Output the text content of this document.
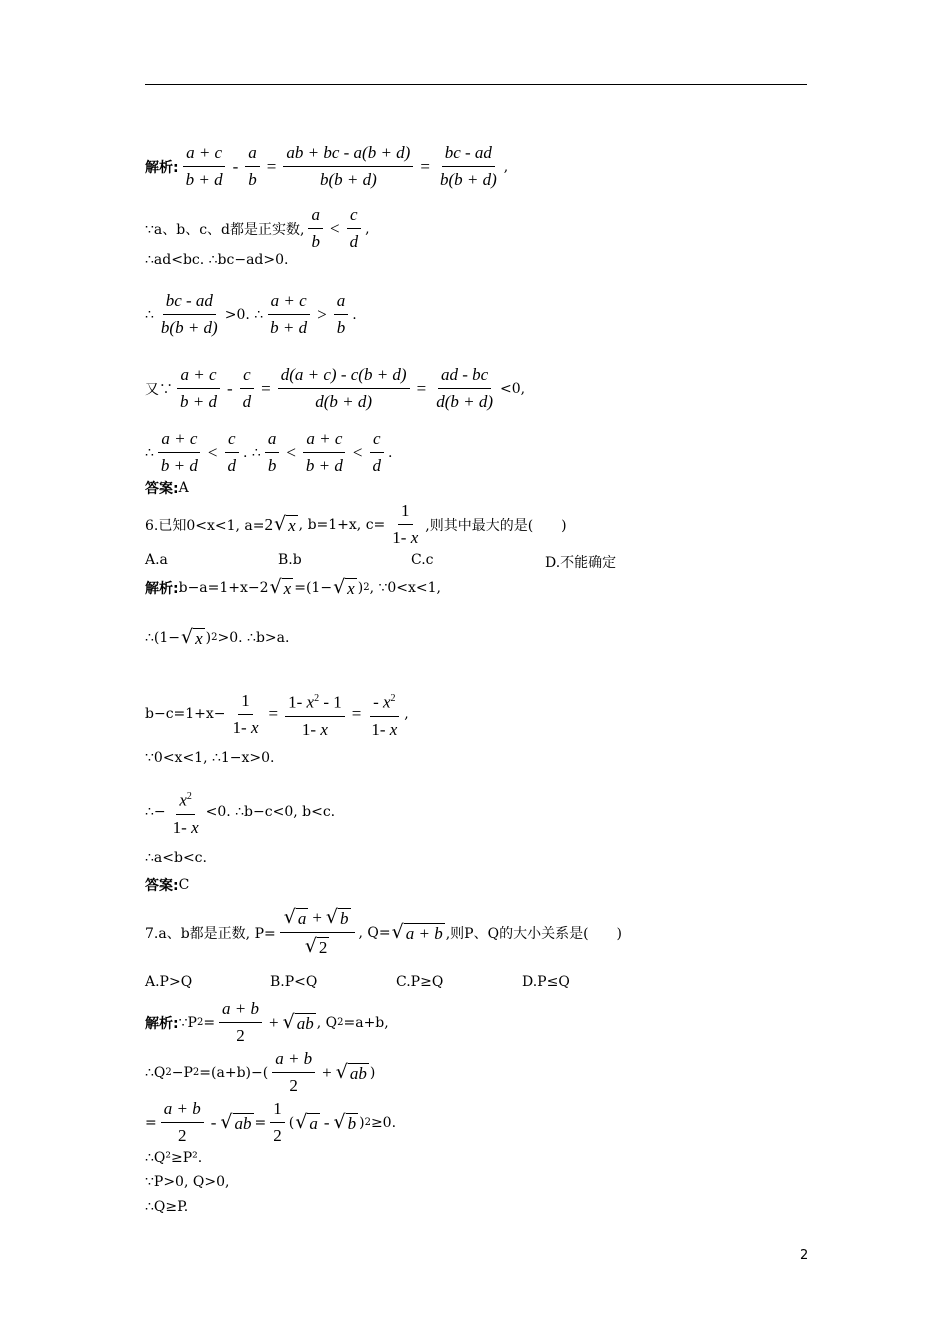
解析: $\frac{a + c}{b + d} - \frac{a}{b} = \frac{ab + bc - a(b + d)}{b(b + d)} = \frac{bc - ad}{b(b + d)}$ ,
∵a、b、c、d都是正实数, $\frac{a}{b} < \frac{c}{d}$ ,
∴ad<bc. ∴bc−ad>0.
∴ $\frac{bc - ad}{b(b + d)} >0$. ∴ $\frac{a + c}{b + d} > \frac{a}{b}$ .
又∵ $\frac{a + c}{b + d} - \frac{c}{d} = \frac{d(a + c) - c(b + d)}{d(b + d)} = \frac{ad - bc}{d(b + d)} <0$,
∴ $\frac{a + c}{b + d} < \frac{c}{d}$ . ∴ $\frac{a}{b} < \frac{a + c}{b + d} < \frac{c}{d}$ .
答案: A
6.已知0<x<1, a= 2 √ x , b=1+x, $c= \frac{1}{1- x}$ ,则其中最大的是(　　)
A.a	B.b	C.c	D.不能确定
解析: b−a=1+x−2 √ x =(1− √ x ) 2 , ∵0<x<1,
∴(1− √ x ) 2 >0. ∴b>a.
$b-c=1+x- \frac{1}{1- x} = \frac{1- x^2 - 1}{1- x} = \frac{- x^2}{1- x}$ ,
∵0<x<1, ∴1−x>0.
∴− $\frac{x^2}{1- x} <0$. ∴b−c<0, b<c.
∴a<b<c.
答案: C
7.a、b都是正数, $P= \frac{√ a + √ b}{√ 2}$ , Q= √ a + b ,则P、Q的大小关系是(　　)
A.P>Q	B.P<Q	C.P≥Q	D.P≤Q
解析: ∵P $2 = \frac{a + b}{2}$ + √ ab , Q 2 =a+b,
∴Q 2 −P $2 =(a+b)-( \frac{a + b}{2}$ + √ ab )
= $\frac{a + b}{2}$ - √ ab = $\frac{1}{2}$ ( √ a - √ b ) 2 ≥0.
∴Q²≥P².
∵P>0, Q>0,
∴Q≥P.
2
